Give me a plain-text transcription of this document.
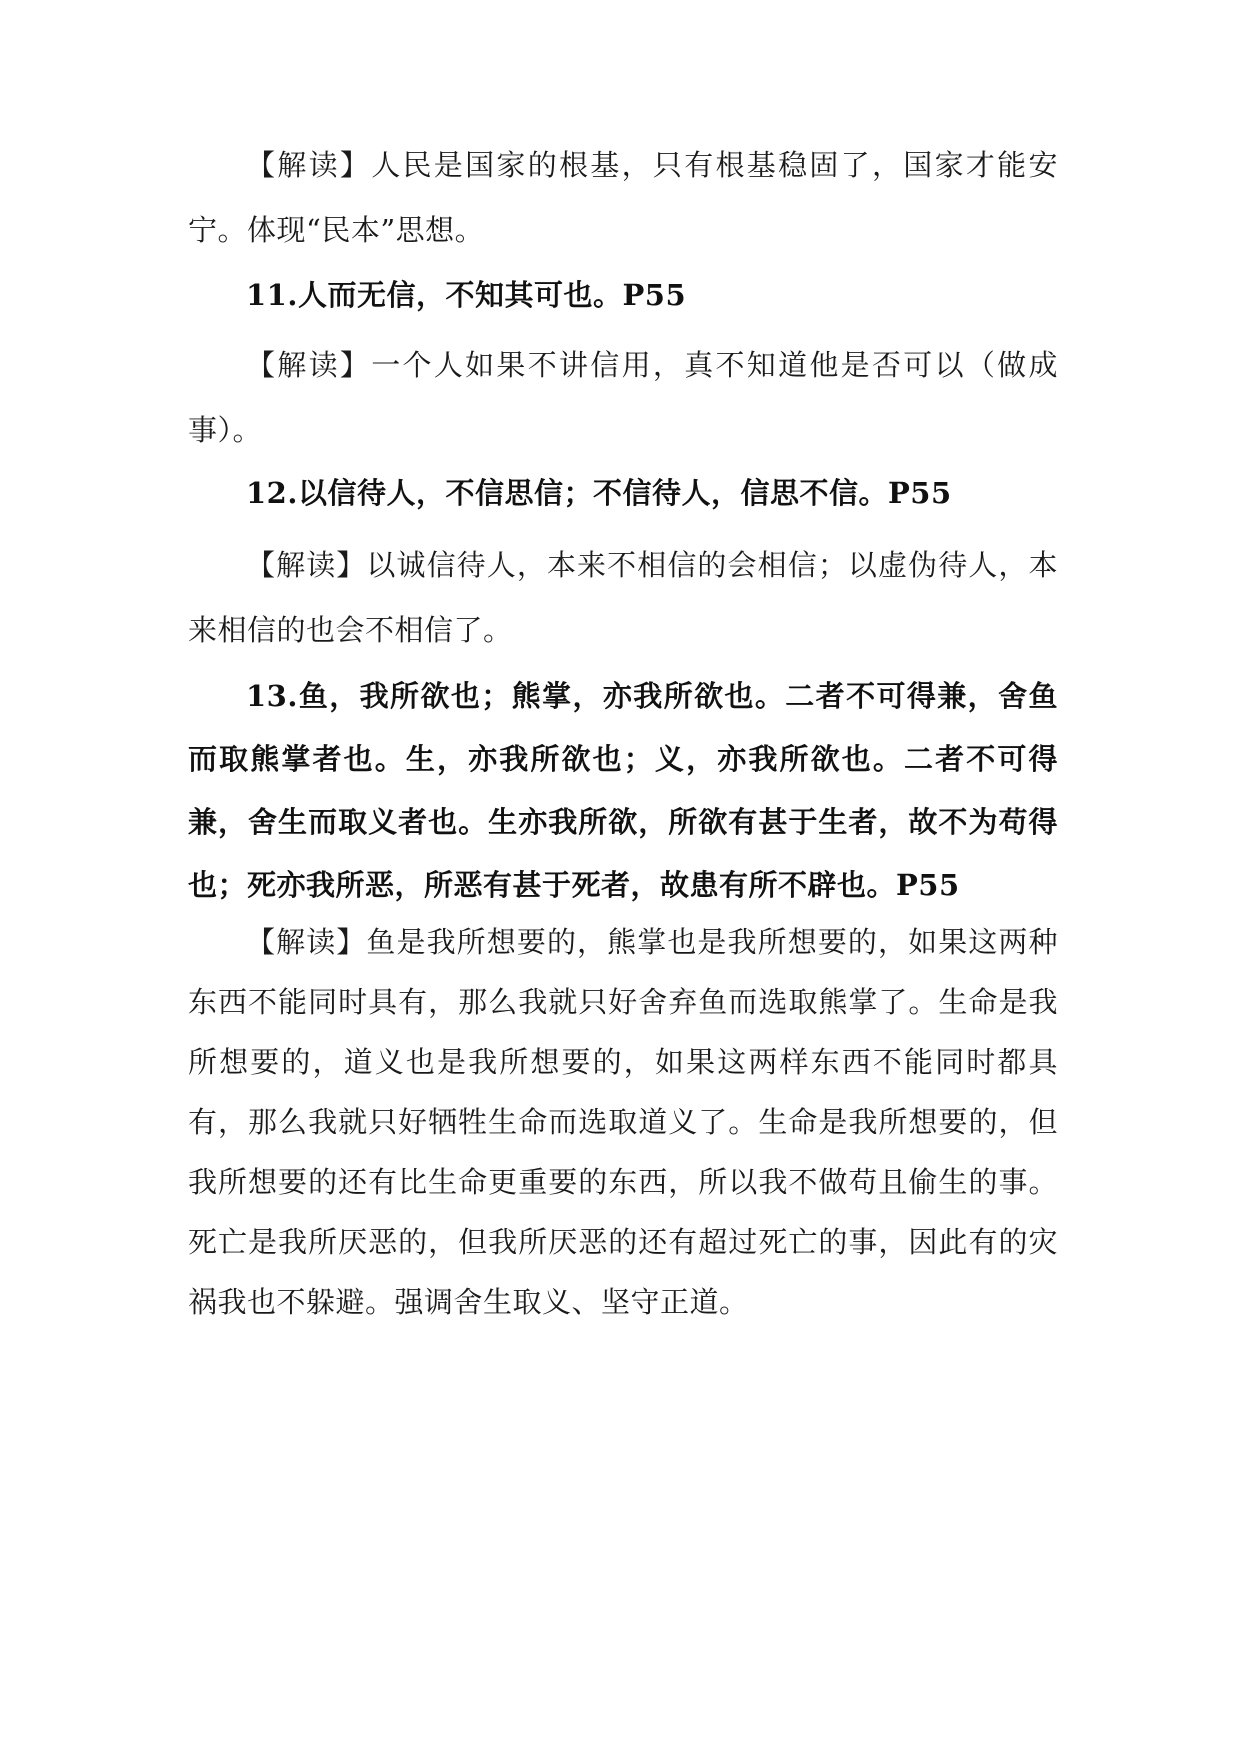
【解读】人民是国家的根基，只有根基稳固了，国家才能安宁。体现“民本”思想。

11.人而无信，不知其可也。P55

【解读】一个人如果不讲信用，真不知道他是否可以（做成事）。

12.以信待人，不信思信；不信待人，信思不信。P55

【解读】以诚信待人，本来不相信的会相信；以虚伪待人，本来相信的也会不相信了。

13.鱼，我所欲也；熊掌，亦我所欲也。二者不可得兼，舍鱼而取熊掌者也。生，亦我所欲也；义，亦我所欲也。二者不可得兼，舍生而取义者也。生亦我所欲，所欲有甚于生者，故不为苟得也；死亦我所恶，所恶有甚于死者，故患有所不辟也。P55

【解读】鱼是我所想要的，熊掌也是我所想要的，如果这两种东西不能同时具有，那么我就只好舍弃鱼而选取熊掌了。生命是我所想要的，道义也是我所想要的，如果这两样东西不能同时都具有，那么我就只好牺牲生命而选取道义了。生命是我所想要的，但我所想要的还有比生命更重要的东西，所以我不做苟且偷生的事。死亡是我所厌恶的，但我所厌恶的还有超过死亡的事，因此有的灾祸我也不躲避。强调舍生取义、坚守正道。
